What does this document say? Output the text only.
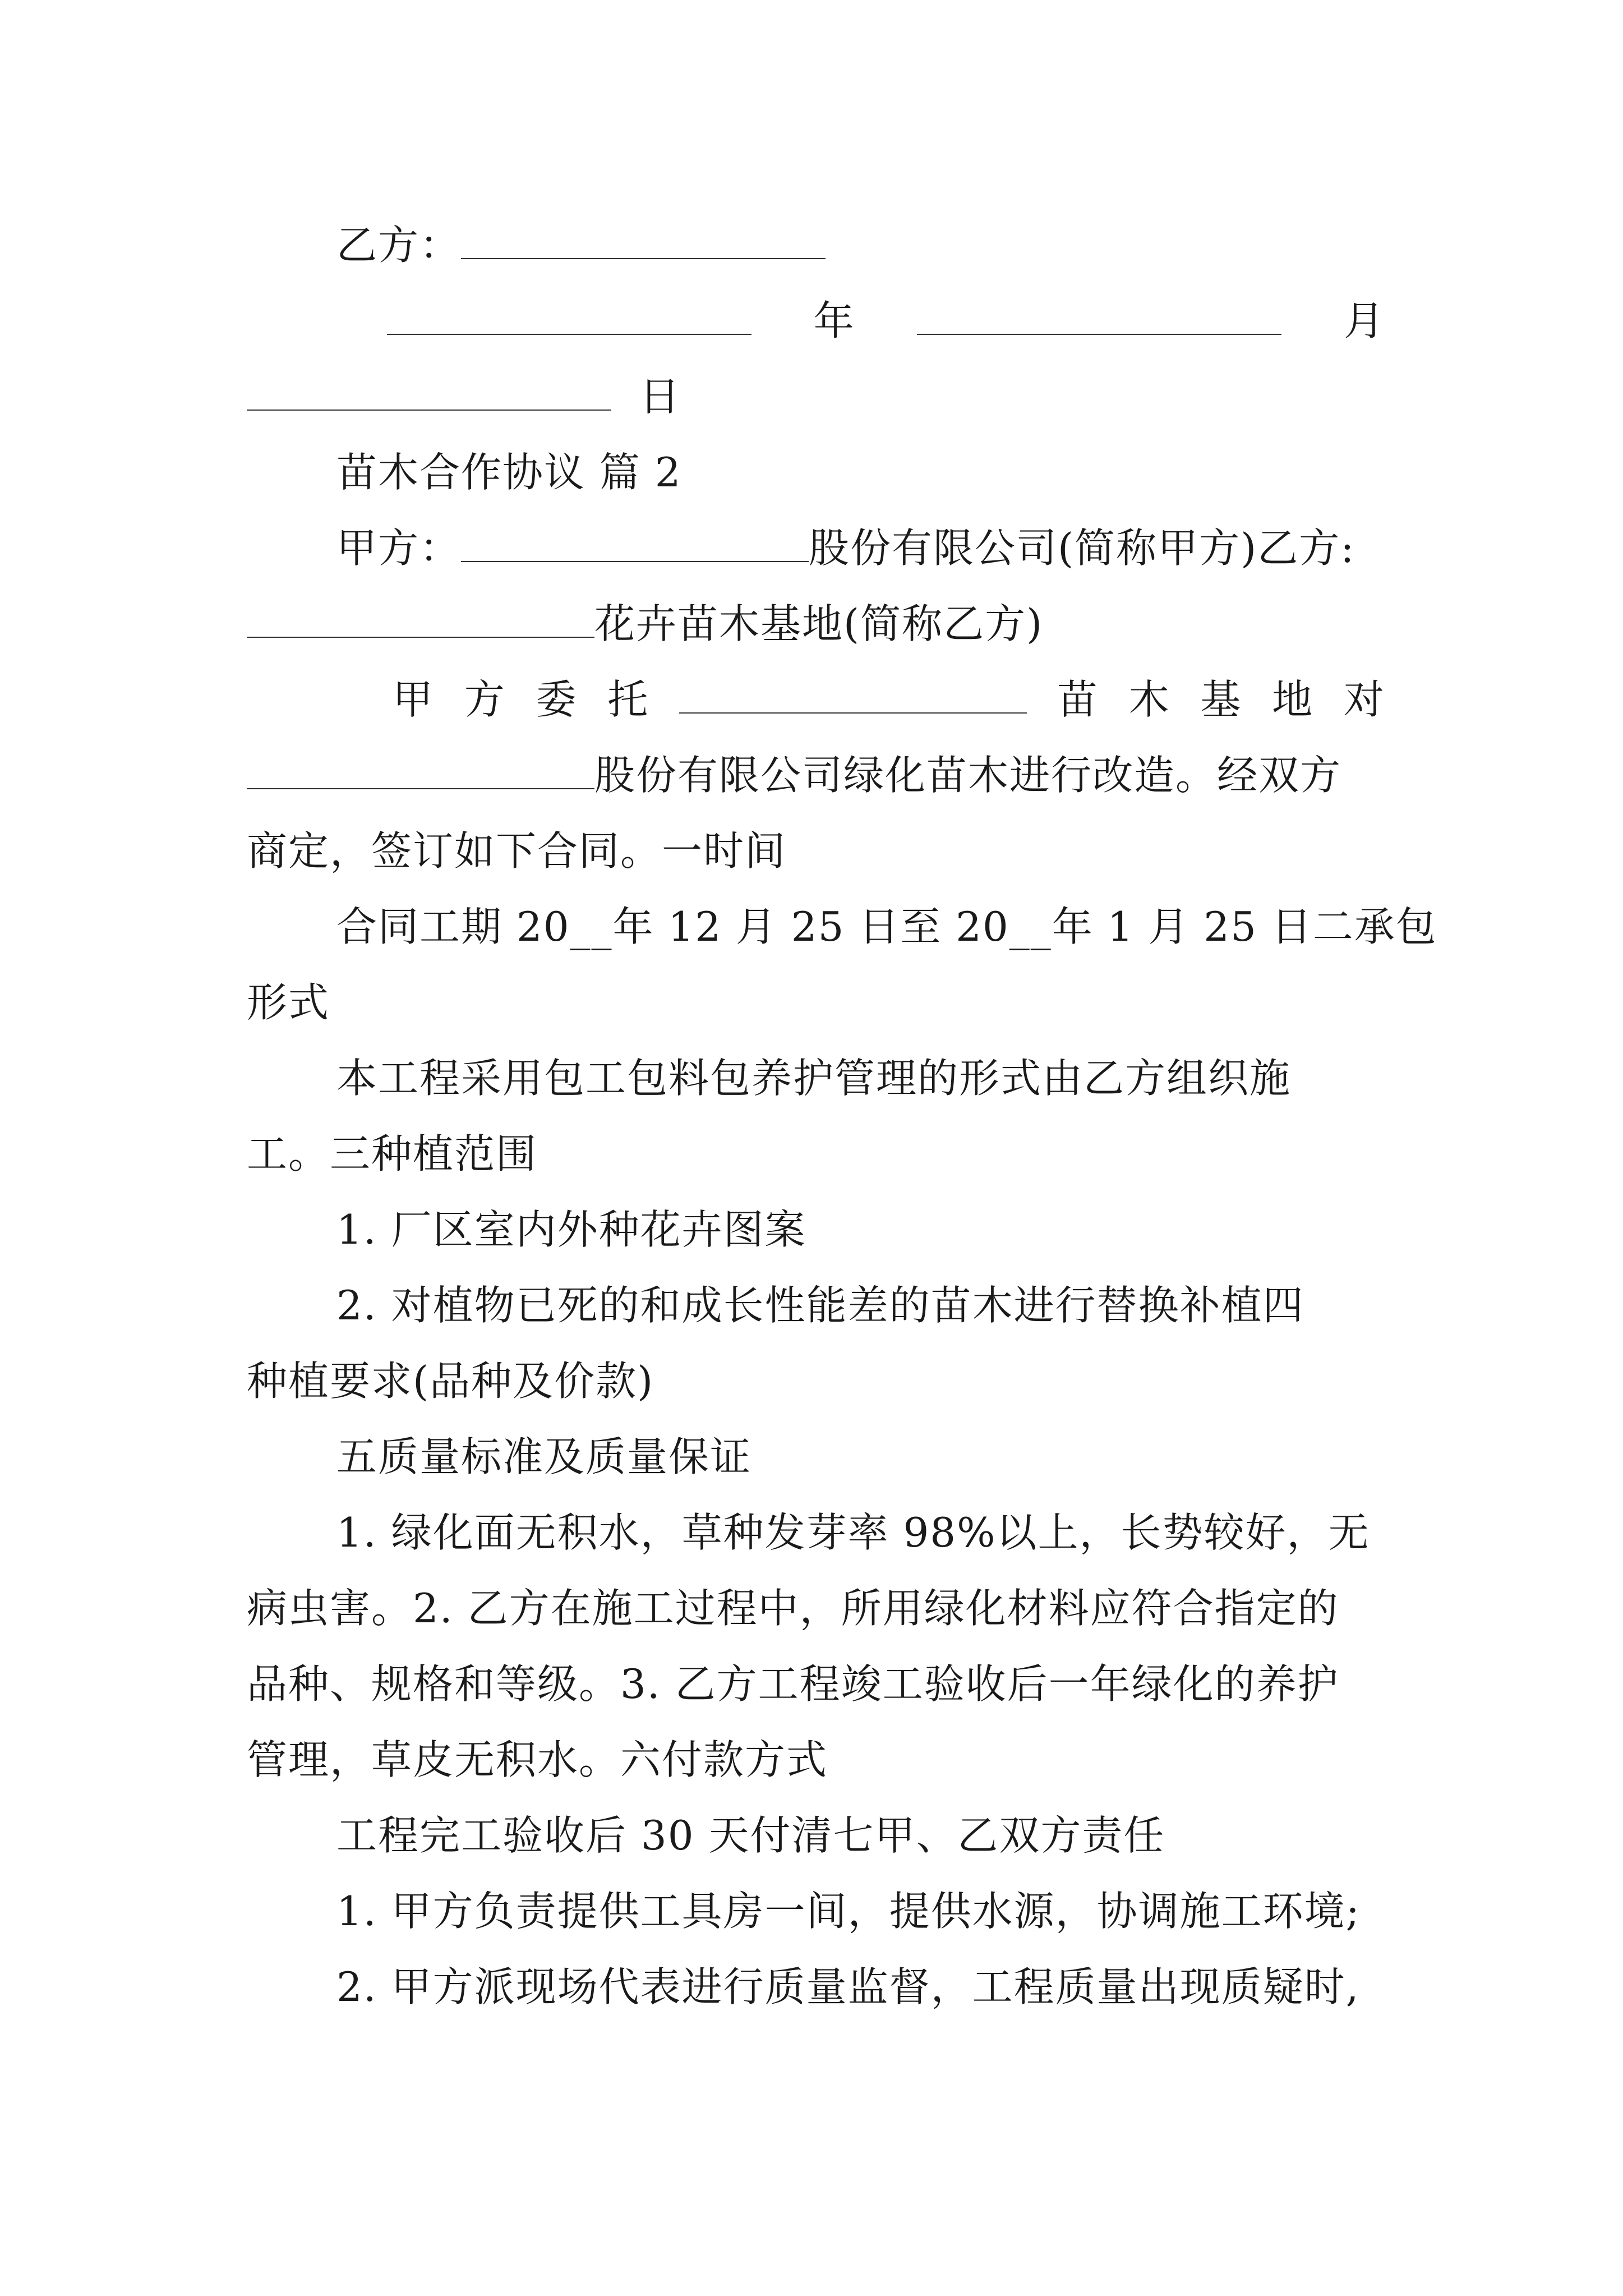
乙方：
年	月
日
苗木合作协议 篇 2
甲方：	股份有限公司(简称甲方)乙方:
花卉苗木基地(简称乙方)
甲 方 委 托	苗 木 基 地 对
股份有限公司绿化苗木进行改造。经双方
商定，签订如下合同。一时间
合同工期 20__年 12 月 25 日至 20__年 1 月 25 日二承包
形式
本工程采用包工包料包养护管理的形式由乙方组织施
工。三种植范围
1. 厂区室内外种花卉图案
2. 对植物已死的和成长性能差的苗木进行替换补植四
种植要求(品种及价款)
五质量标准及质量保证
1. 绿化面无积水，草种发芽率 98%以上，长势较好，无
病虫害。2. 乙方在施工过程中，所用绿化材料应符合指定的
品种、规格和等级。3. 乙方工程竣工验收后一年绿化的养护
管理，草皮无积水。六付款方式
工程完工验收后 30 天付清七甲、乙双方责任
1. 甲方负责提供工具房一间，提供水源，协调施工环境;
2. 甲方派现场代表进行质量监督，工程质量出现质疑时,
